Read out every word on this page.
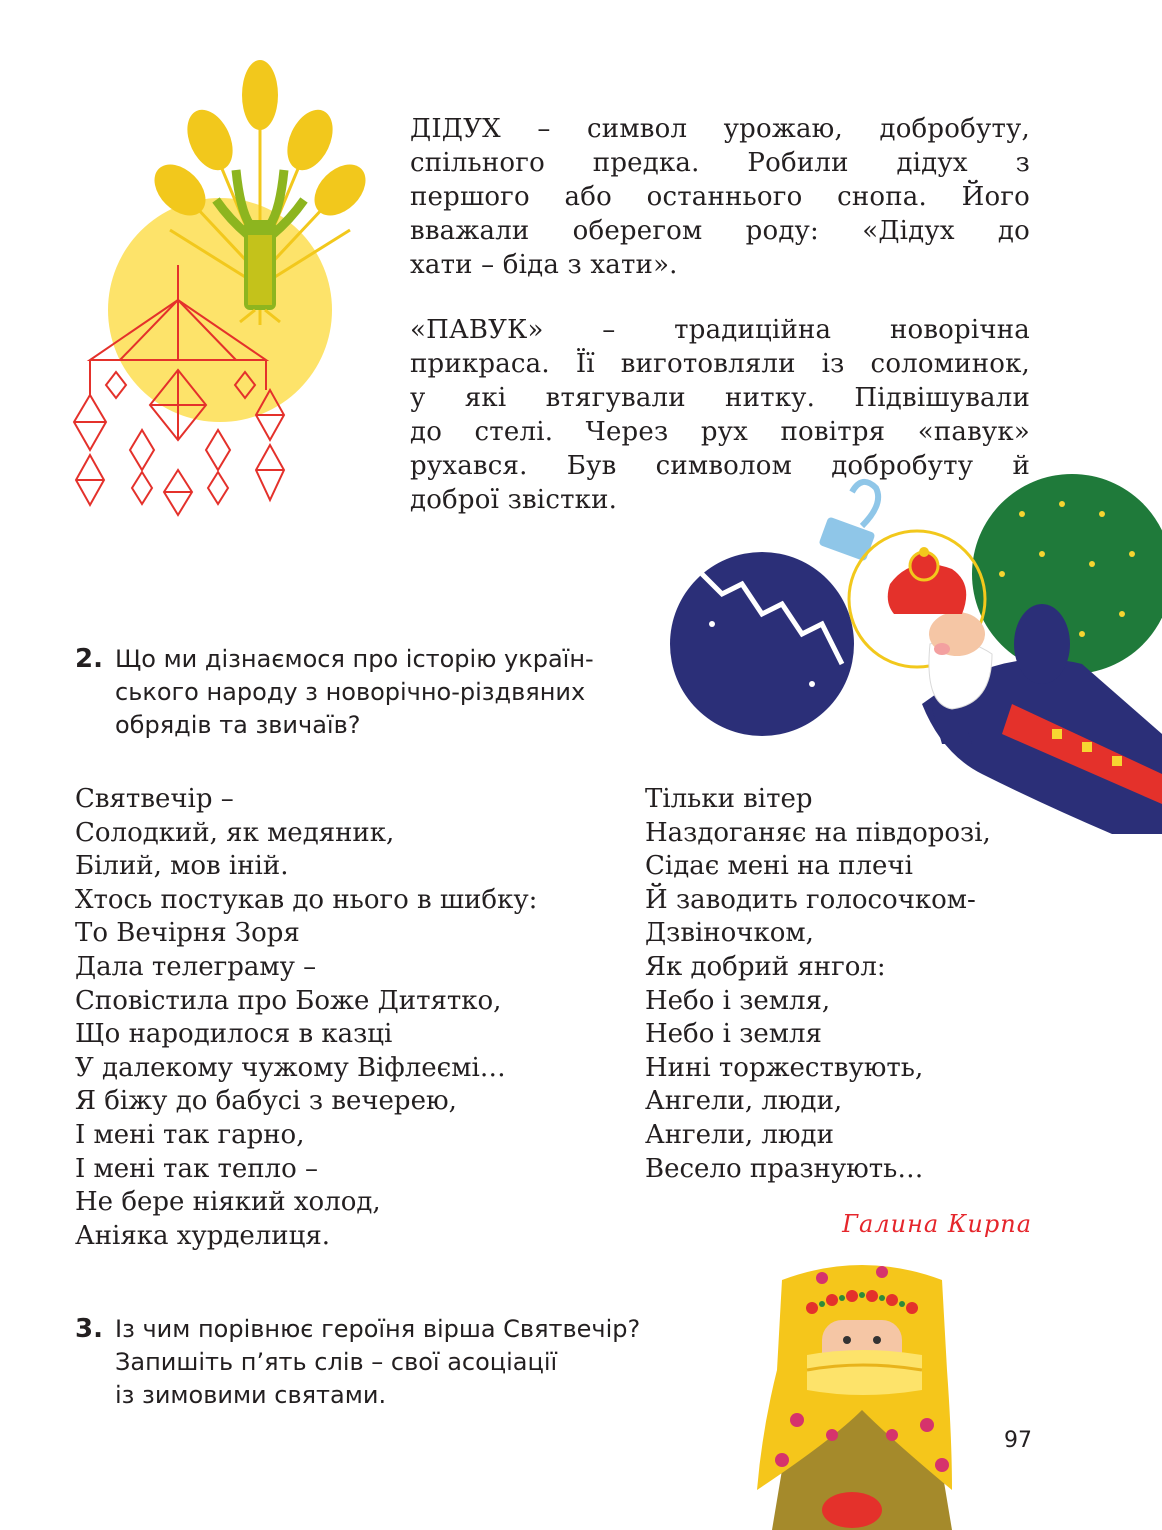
ДІДУХ – символ урожаю, добробуту,
спільного предка. Робили дідух з
першого або останнього снопа. Його
вважали оберегом роду: «Дідух до
хати – біда з хати».
«ПАВУК» – традиційна новорічна
прикраса. Її виготовляли із соломинок,
у які втягували нитку. Підвішували
до стелі. Через рух повітря «павук»
рухався. Був символом добробуту й
доброї звістки.
2. Що ми дізнаємося про історію україн-
ського народу з новорічно-різдвяних
обрядів та звичаїв?
Святвечір –
Солодкий, як медяник,
Білий, мов іній.
Хтось постукав до нього в шибку:
То Вечірня Зоря
Дала телеграму –
Сповістила про Боже Дитятко,
Що народилося в казці
У далекому чужому Віфлеємі…
Я біжу до бабусі з вечерею,
І мені так гарно,
І мені так тепло –
Не бере ніякий холод,
Аніяка хурделиця.
Тільки вітер
Наздоганяє на півдорозі,
Сідає мені на плечі
Й заводить голосочком-
Дзвіночком,
Як добрий янгол:
Небо і земля,
Небо і земля
Нині торжествують,
Ангели, люди,
Ангели, люди
Весело празнують…
Галина Кирпа
3. Із чим порівнює героїня вірша Святвечір?
Запишіть п’ять слів – свої асоціації
із зимовими святами.
97
